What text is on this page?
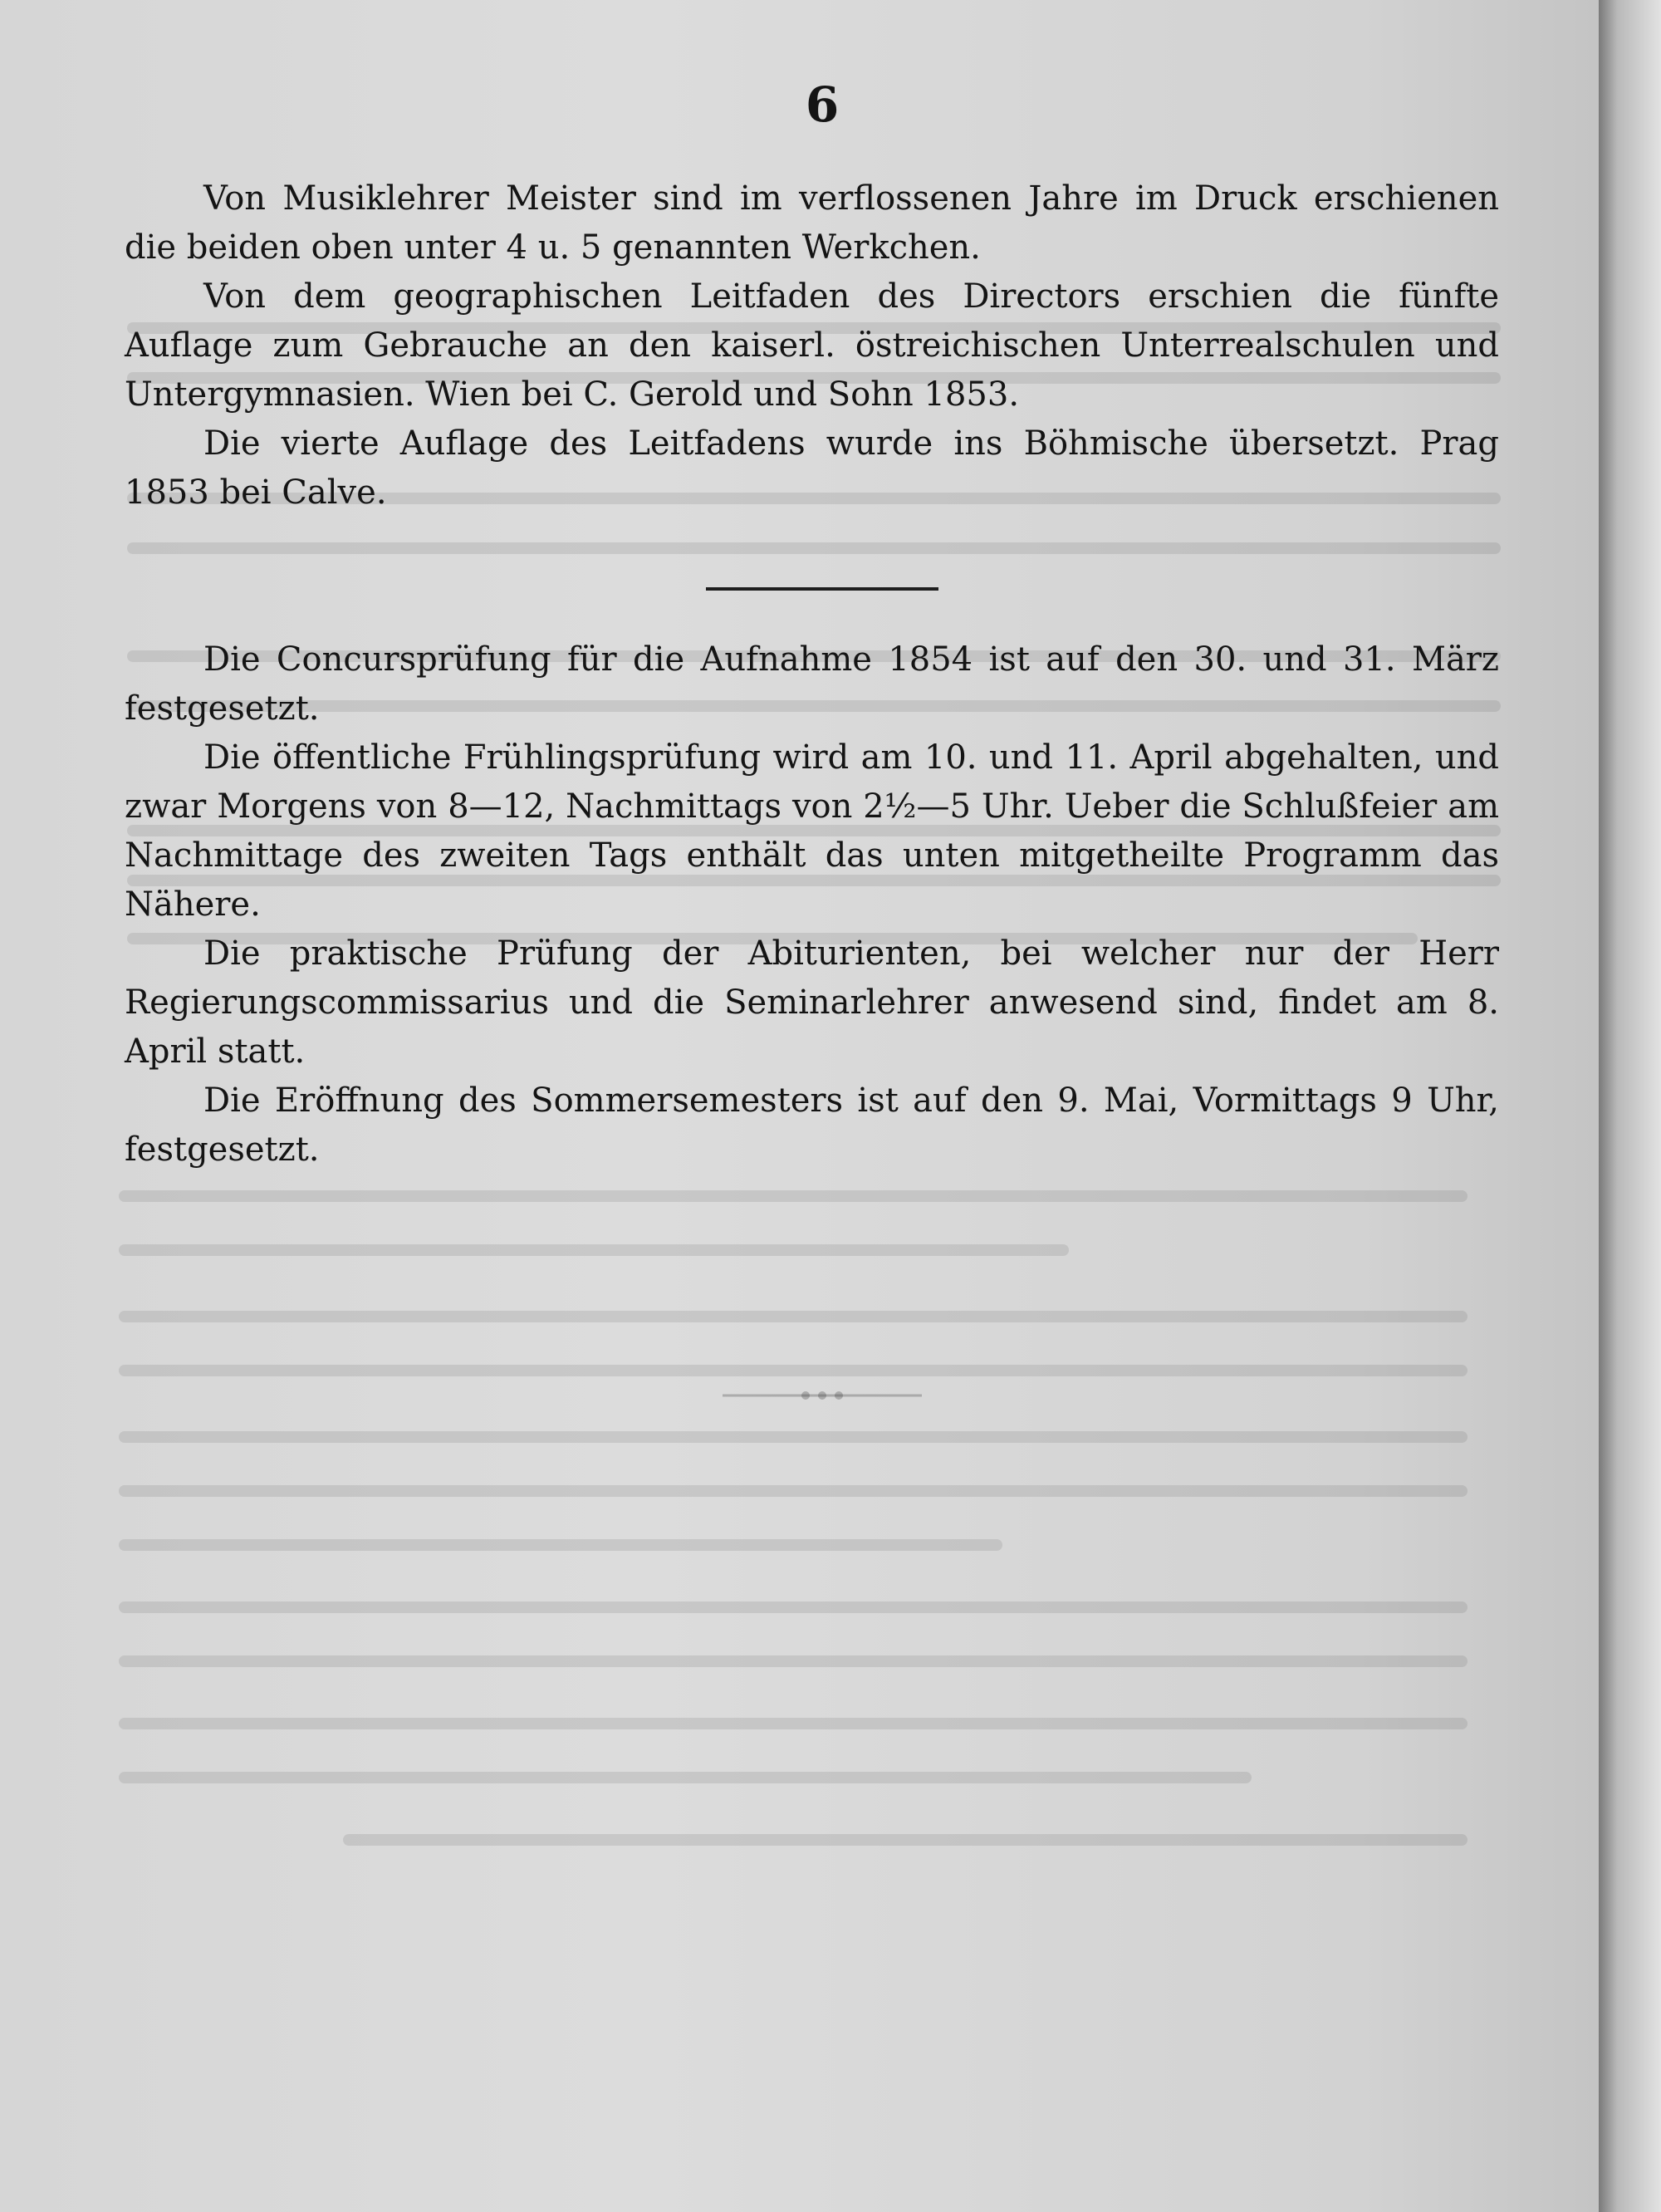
6

Von Musiklehrer Meister sind im verflossenen Jahre im Druck erschienen die beiden oben unter 4 u. 5 genannten Werkchen.

Von dem geographischen Leitfaden des Directors erschien die fünfte Auflage zum Gebrauche an den kaiserl. östreichischen Unterrealschulen und Untergymnasien. Wien bei C. Gerold und Sohn 1853.

Die vierte Auflage des Leitfadens wurde ins Böhmische übersetzt. Prag 1853 bei Calve.

Die Concursprüfung für die Aufnahme 1854 ist auf den 30. und 31. März festgesetzt.

Die öffentliche Frühlingsprüfung wird am 10. und 11. April abgehalten, und zwar Morgens von 8—12, Nachmittags von 2½—5 Uhr. Ueber die Schlußfeier am Nachmittage des zweiten Tags enthält das unten mitgetheilte Programm das Nähere.

Die praktische Prüfung der Abiturienten, bei welcher nur der Herr Regierungscommissarius und die Seminarlehrer anwesend sind, findet am 8. April statt.

Die Eröffnung des Sommersemesters ist auf den 9. Mai, Vormittags 9 Uhr, festgesetzt.
